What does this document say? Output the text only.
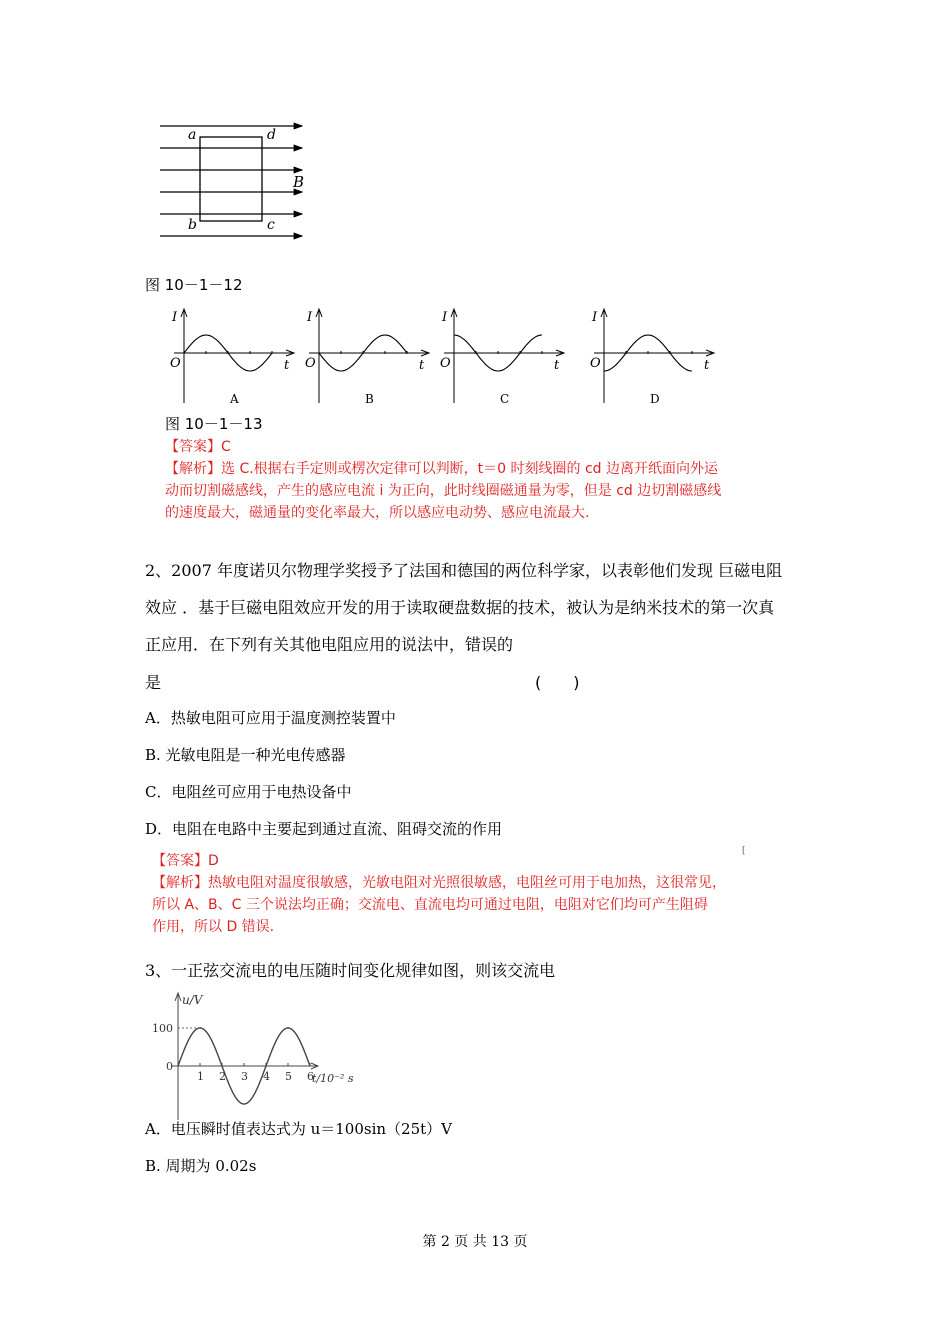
a	d
b	c
B
图 10－1－12
I
O	t
A
I
O	t
B
I
O	t
C
I
O	t
D
图 10－1－13
【答案】C
【解析】选 C.根据右手定则或楞次定律可以判断，t＝0 时刻线圈的 cd 边离开纸面向外运
动而切割磁感线，产生的感应电流 i 为正向，此时线圈磁通量为零，但是 cd 边切割磁感线
的速度最大，磁通量的变化率最大，所以感应电动势、感应电流最大.
2、2007 年度诺贝尔物理学奖授予了法国和德国的两位科学家，以表彰他们发现 巨磁电阻
效应 ．基于巨磁电阻效应开发的用于读取硬盘数据的技术，被认为是纳米技术的第一次真
正应用．在下列有关其他电阻应用的说法中，错误的
是	(　　)
A．热敏电阻可应用于温度测控装置中
B. 光敏电阻是一种光电传感器
C．电阻丝可应用于电热设备中
D．电阻在电路中主要起到通过直流、阻碍交流的作用
【答案】D
[
【解析】热敏电阻对温度很敏感，光敏电阻对光照很敏感，电阻丝可用于电加热，这很常见，
所以 A、B、C 三个说法均正确；交流电、直流电均可通过电阻，电阻对它们均可产生阻碍
作用，所以 D 错误.
3、一正弦交流电的电压随时间变化规律如图，则该交流电
1 2 3 4 5 6
100
0
u/V
t/10⁻² s
A．电压瞬时值表达式为 u＝100sin（25t）V
B. 周期为 0.02s
第 2 页 共 13 页
